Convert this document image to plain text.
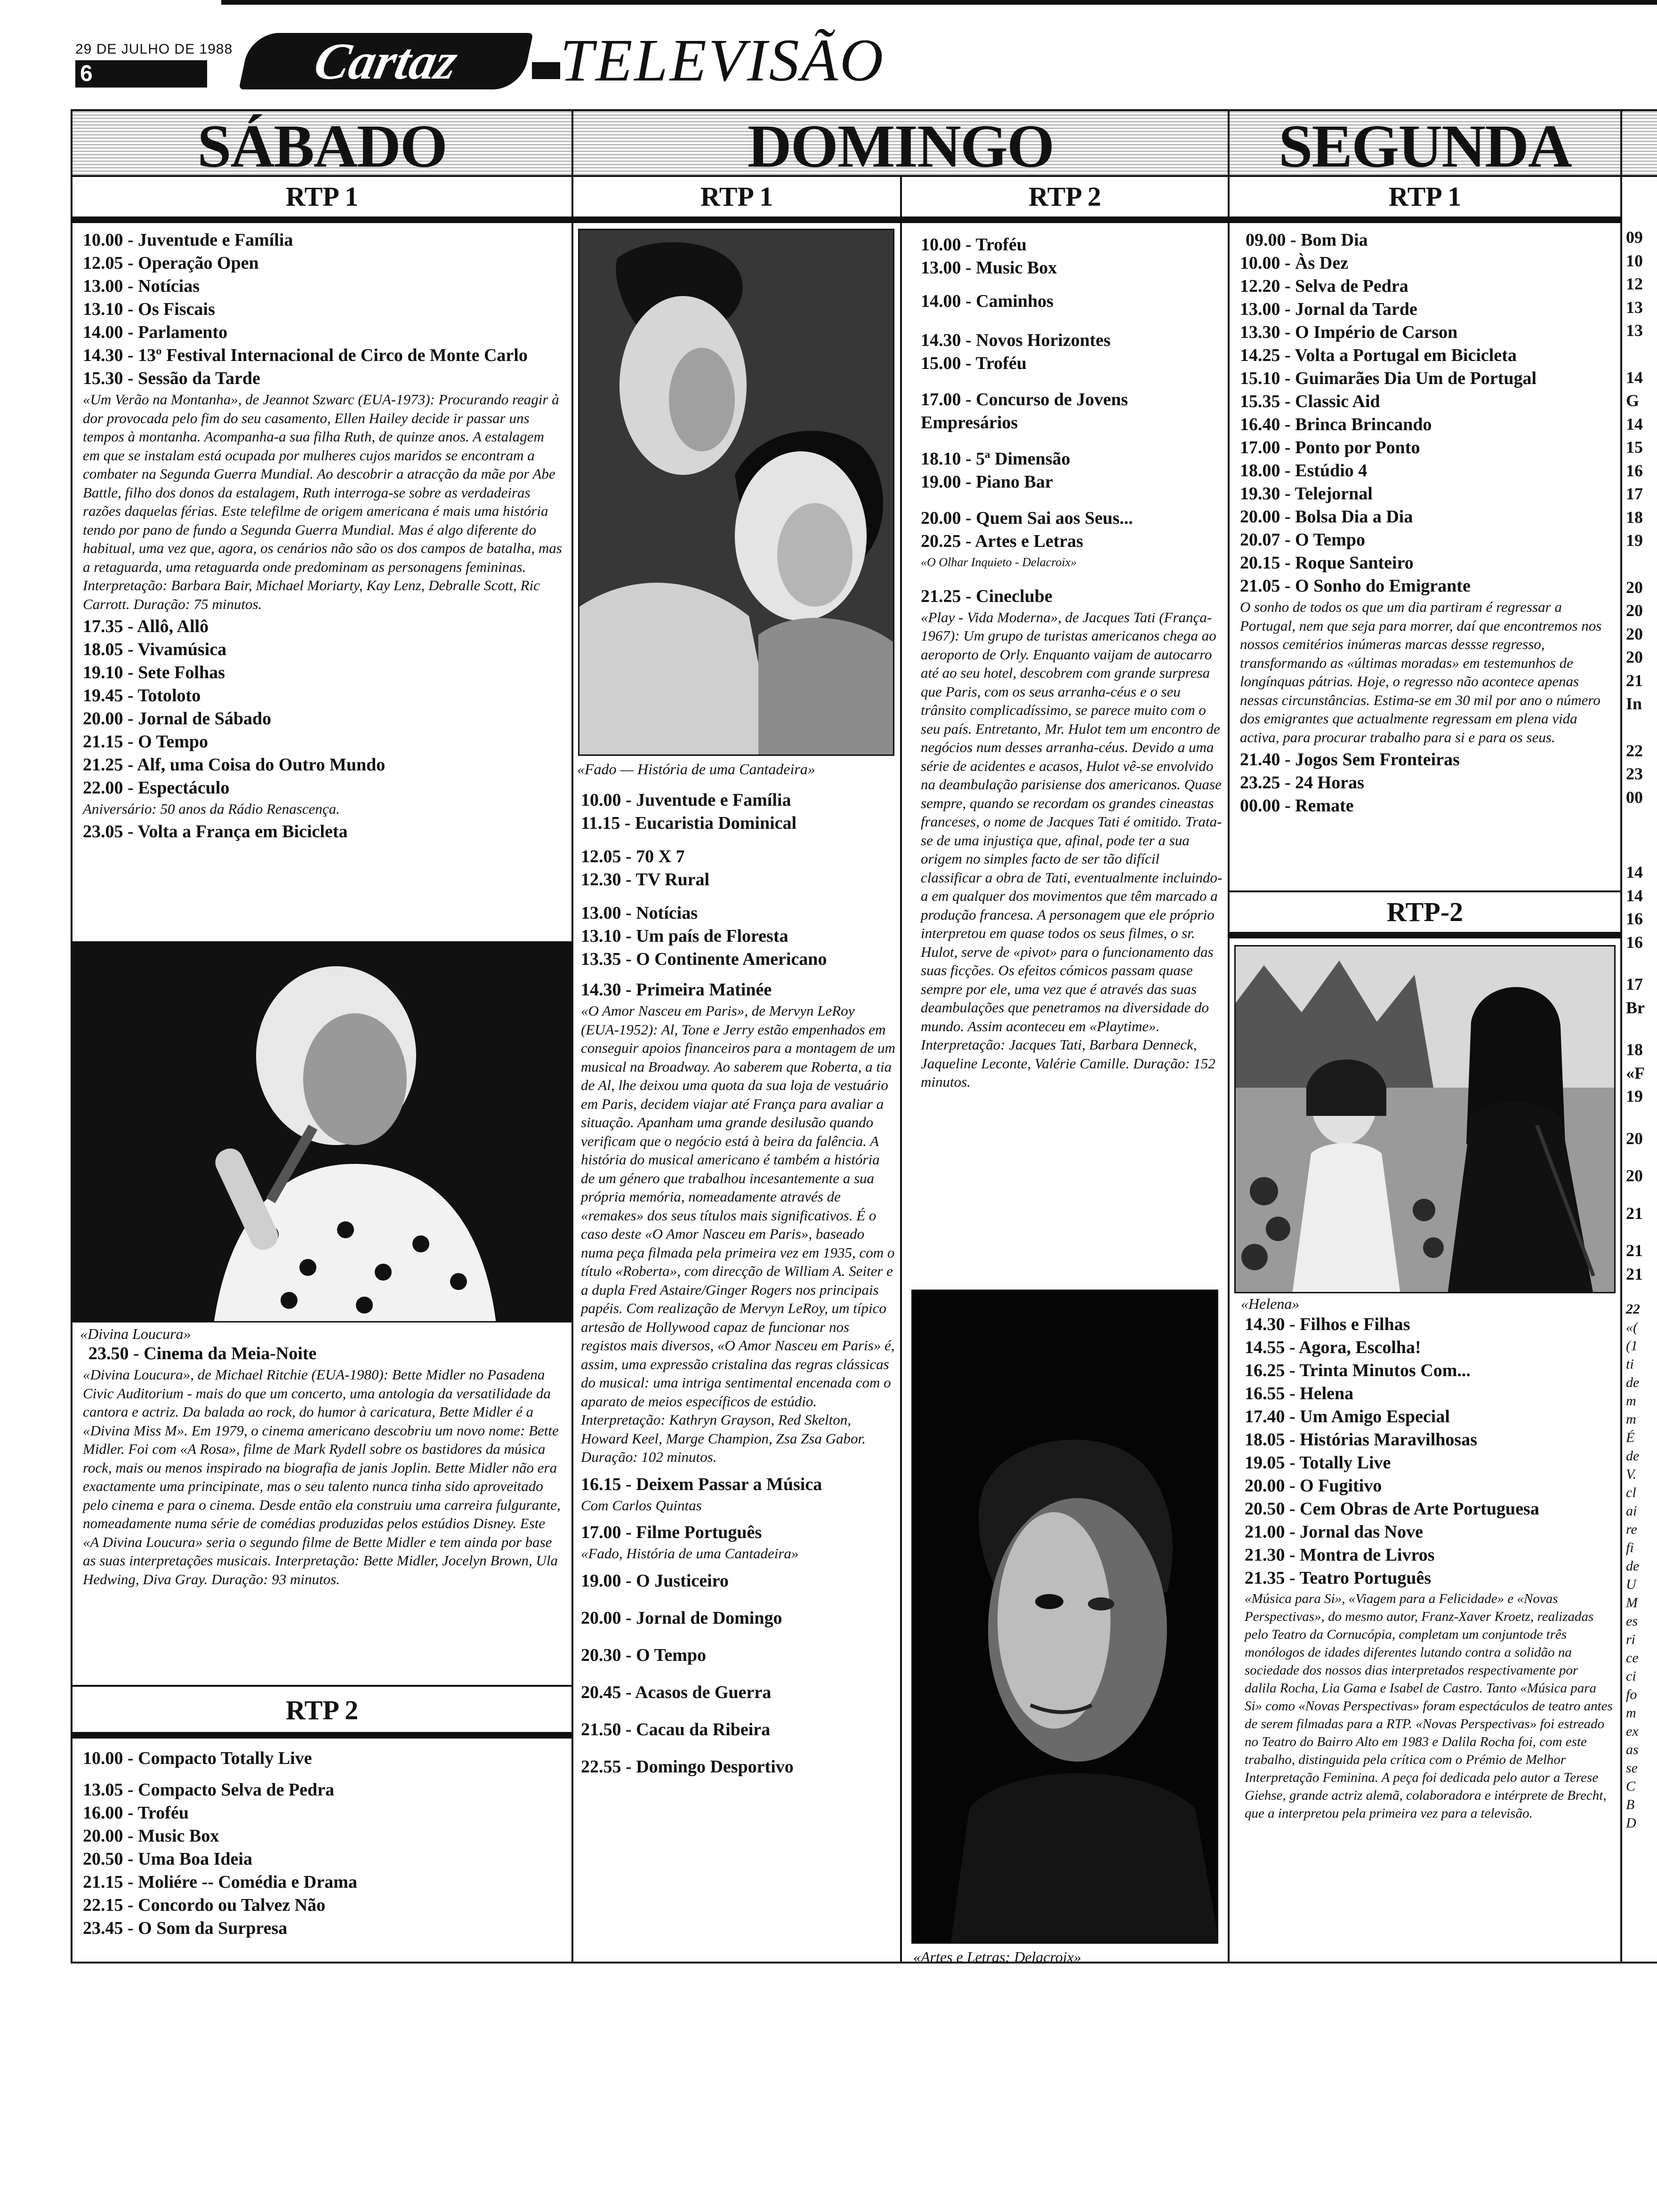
29 DE JULHO DE 1988
6	Cartaz	TELEVISÃO
SÁBADO	DOMINGO	SEGUNDA
RTP 1

10.00 - Juventude e Família

12.05 - Operação Open

13.00 - Notícias

13.10 - Os Fiscais

14.00 - Parlamento

14.30 - 13º Festival Internacional de Circo de Monte Carlo

15.30 - Sessão da Tarde

«Um Verão na Montanha», de Jeannot Szwarc (EUA-1973): Procurando reagir à dor provocada pelo fim do seu casamento, Ellen Hailey decide ir passar uns tempos à montanha. Acompanha-a sua filha Ruth, de quinze anos. A estalagem em que se instalam está ocupada por mulheres cujos maridos se encontram a combater na Segunda Guerra Mundial. Ao descobrir a atracção da mãe por Abe Battle, filho dos donos da estalagem, Ruth interroga-se sobre as verdadeiras razões daquelas férias. Este telefilme de origem americana é mais uma história tendo por pano de fundo a Segunda Guerra Mundial. Mas é algo diferente do habitual, uma vez que, agora, os cenários não são os dos campos de batalha, mas a retaguarda, uma retaguarda onde predominam as personagens femininas. Interpretação: Barbara Bair, Michael Moriarty, Kay Lenz, Debralle Scott, Ric Carrott. Duração: 75 minutos.

17.35 - Allô, Allô

18.05 - Vivamúsica

19.10 - Sete Folhas

19.45 - Totoloto

20.00 - Jornal de Sábado

21.15 - O Tempo

21.25 - Alf, uma Coisa do Outro Mundo

22.00 - Espectáculo

Aniversário: 50 anos da Rádio Renascença.

23.05 - Volta a França em Bicicleta

«Divina Loucura»

23.50 - Cinema da Meia-Noite

«Divina Loucura», de Michael Ritchie (EUA-1980): Bette Midler no Pasadena Civic Auditorium - mais do que um concerto, uma antologia da versatilidade da cantora e actriz. Da balada ao rock, do humor à caricatura, Bette Midler é a «Divina Miss M». Em 1979, o cinema americano descobriu um novo nome: Bette Midler. Foi com «A Rosa», filme de Mark Rydell sobre os bastidores da música rock, mais ou menos inspirado na biografia de janis Joplin. Bette Midler não era exactamente uma principinate, mas o seu talento nunca tinha sido aproveitado pelo cinema e para o cinema. Desde então ela construiu uma carreira fulgurante, nomeadamente numa série de comédias produzidas pelos estúdios Disney. Este «A Divina Loucura» seria o segundo filme de Bette Midler e tem ainda por base as suas interpretações musicais. Interpretação: Bette Midler, Jocelyn Brown, Ula Hedwing, Diva Gray. Duração: 93 minutos.

RTP 2

10.00 - Compacto Totally Live

13.05 - Compacto Selva de Pedra

16.00 - Troféu

20.00 - Music Box

20.50 - Uma Boa Ideia

21.15 - Moliére -- Comédia e Drama

22.15 - Concordo ou Talvez Não

23.45 - O Som da Surpresa

RTP 1
«Fado — História de uma Cantadeira»

10.00 - Juventude e Família

11.15 - Eucaristia Dominical

12.05 - 70 X 7

12.30 - TV Rural

13.00 - Notícias

13.10 - Um país de Floresta

13.35 - O Continente Americano

14.30 - Primeira Matinée

«O Amor Nasceu em Paris», de Mervyn LeRoy (EUA-1952): Al, Tone e Jerry estão empenhados em conseguir apoios financeiros para a montagem de um musical na Broadway. Ao saberem que Roberta, a tia de Al, lhe deixou uma quota da sua loja de vestuário em Paris, decidem viajar até França para avaliar a situação. Apanham uma grande desilusão quando verificam que o negócio está à beira da falência. A história do musical americano é também a história de um género que trabalhou incesantemente a sua própria memória, nomeadamente através de «remakes» dos seus títulos mais significativos. É o caso deste «O Amor Nasceu em Paris», baseado numa peça filmada pela primeira vez em 1935, com o título «Roberta», com direcção de William A. Seiter e a dupla Fred Astaire/Ginger Rogers nos principais papéis. Com realização de Mervyn LeRoy, um típico artesão de Hollywood capaz de funcionar nos registos mais diversos, «O Amor Nasceu em Paris» é, assim, uma expressão cristalina das regras clássicas do musical: uma intriga sentimental encenada com o aparato de meios específicos de estúdio. Interpretação: Kathryn Grayson, Red Skelton, Howard Keel, Marge Champion, Zsa Zsa Gabor. Duração: 102 minutos.

16.15 - Deixem Passar a Música

Com Carlos Quintas

17.00 - Filme Português

«Fado, História de uma Cantadeira»

19.00 - O Justiceiro

20.00 - Jornal de Domingo

20.30 - O Tempo

20.45 - Acasos de Guerra

21.50 - Cacau da Ribeira

22.55 - Domingo Desportivo

RTP 2

10.00 - Troféu

13.00 - Music Box

14.00 - Caminhos

14.30 - Novos Horizontes

15.00 - Troféu

17.00 - Concurso de Jovens Empresários

18.10 - 5ª Dimensão

19.00 - Piano Bar

20.00 - Quem Sai aos Seus...

20.25 - Artes e Letras

«O Olhar Inquieto - Delacroix»

21.25 - Cineclube

«Play - Vida Moderna», de Jacques Tati (França-1967): Um grupo de turistas americanos chega ao aeroporto de Orly. Enquanto vaijam de autocarro até ao seu hotel, descobrem com grande surpresa que Paris, com os seus arranha-céus e o seu trânsito complicadíssimo, se parece muito com o seu país. Entretanto, Mr. Hulot tem um encontro de negócios num desses arranha-céus. Devido a uma série de acidentes e acasos, Hulot vê-se envolvido na deambulação parisiense dos americanos. Quase sempre, quando se recordam os grandes cineastas franceses, o nome de Jacques Tati é omitido. Trata-se de uma injustiça que, afinal, pode ter a sua origem no simples facto de ser tão difícil classificar a obra de Tati, eventualmente incluindo-a em qualquer dos movimentos que têm marcado a produção francesa. A personagem que ele próprio interpretou em quase todos os seus filmes, o sr. Hulot, serve de «pivot» para o funcionamento das suas ficções. Os efeitos cómicos passam quase sempre por ele, uma vez que é através das suas deambulações que penetramos na diversidade do mundo. Assim aconteceu em «Playtime». Interpretação: Jacques Tati, Barbara Denneck, Jaqueline Leconte, Valérie Camille. Duração: 152 minutos.

«Artes e Letras: Delacroix»
RTP 1

09.00 - Bom Dia

10.00 - Às Dez

12.20 - Selva de Pedra

13.00 - Jornal da Tarde

13.30 - O Império de Carson

14.25 - Volta a Portugal em Bicicleta

15.10 - Guimarães Dia Um de Portugal

15.35 - Classic Aid

16.40 - Brinca Brincando

17.00 - Ponto por Ponto

18.00 - Estúdio 4

19.30 - Telejornal

20.00 - Bolsa Dia a Dia

20.07 - O Tempo

20.15 - Roque Santeiro

21.05 - O Sonho do Emigrante

O sonho de todos os que um dia partiram é regressar a Portugal, nem que seja para morrer, daí que encontremos nos nossos cemitérios inúmeras marcas dessse regresso, transformando as «últimas moradas» em testemunhos de longínquas pátrias. Hoje, o regresso não acontece apenas nessas circunstâncias. Estima-se em 30 mil por ano o número dos emigrantes que actualmente regressam em plena vida activa, para procurar trabalho para si e para os seus.

21.40 - Jogos Sem Fronteiras

23.25 - 24 Horas

00.00 - Remate

RTP-2
«Helena»

14.30 - Filhos e Filhas

14.55 - Agora, Escolha!

16.25 - Trinta Minutos Com...

16.55 - Helena

17.40 - Um Amigo Especial

18.05 - Histórias Maravilhosas

19.05 - Totally Live

20.00 - O Fugitivo

20.50 - Cem Obras de Arte Portuguesa

21.00 - Jornal das Nove

21.30 - Montra de Livros

21.35 - Teatro Português

«Música para Si», «Viagem para a Felicidade» e «Novas Perspectivas», do mesmo autor, Franz-Xaver Kroetz, realizadas pelo Teatro da Cornucópia, completam um conjuntode três monólogos de idades diferentes lutando contra a solidão na sociedade dos nossos dias interpretados respectivamente por dalila Rocha, Lia Gama e Isabel de Castro. Tanto «Música para Si» como «Novas Perspectivas» foram espectáculos de teatro antes de serem filmadas para a RTP. «Novas Perspectivas» foi estreado no Teatro do Bairro Alto em 1983 e Dalila Rocha foi, com este trabalho, distinguida pela crítica com o Prémio de Melhor Interpretação Feminina. A peça foi dedicada pelo autor a Terese Giehse, grande actriz alemã, colaboradora e intérprete de Brecht, que a interpretou pela primeira vez para a televisão.

09
10
12
13
13
14
G
14
15
16
17
18
19
20
20
20
20
21
In
22
23
00
14
14
16
16
17
Br
18
«F
19
20
20
21
21
21
22
«(
(1
ti
de
m
m
É
de
V.
cl
ai
re
fi
de
U
M
es
ri
ce
ci
fo
m
ex
as
se
C
B
D
